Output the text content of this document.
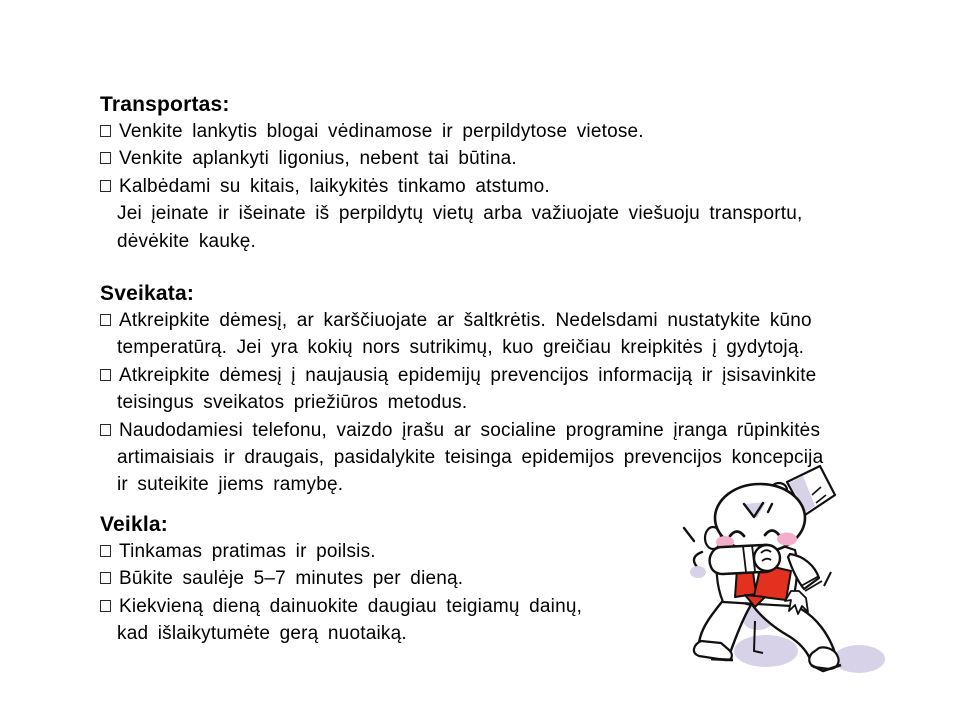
Transportas:
Venkite lankytis blogai vėdinamose ir perpildytose vietose.
Venkite aplankyti ligonius, nebent tai būtina.
Kalbėdami su kitais, laikykitės tinkamo atstumo.
Jei įeinate ir išeinate iš perpildytų vietų arba važiuojate viešuoju transportu,
dėvėkite kaukę.
Sveikata:
Atkreipkite dėmesį, ar karščiuojate ar šaltkrėtis. Nedelsdami nustatykite kūno
temperatūrą. Jei yra kokių nors sutrikimų, kuo greičiau kreipkitės į gydytoją.
Atkreipkite dėmesį į naujausią epidemijų prevencijos informaciją ir įsisavinkite
teisingus sveikatos priežiūros metodus.
Naudodamiesi telefonu, vaizdo įrašu ar socialine programine įranga rūpinkitės
artimaisiais ir draugais, pasidalykite teisinga epidemijos prevencijos koncepcija
ir suteikite jiems ramybę.
Veikla:
Tinkamas pratimas ir poilsis.
Būkite saulėje 5–7 minutes per dieną.
Kiekvieną dieną dainuokite daugiau teigiamų dainų,
kad išlaikytumėte gerą nuotaiką.
